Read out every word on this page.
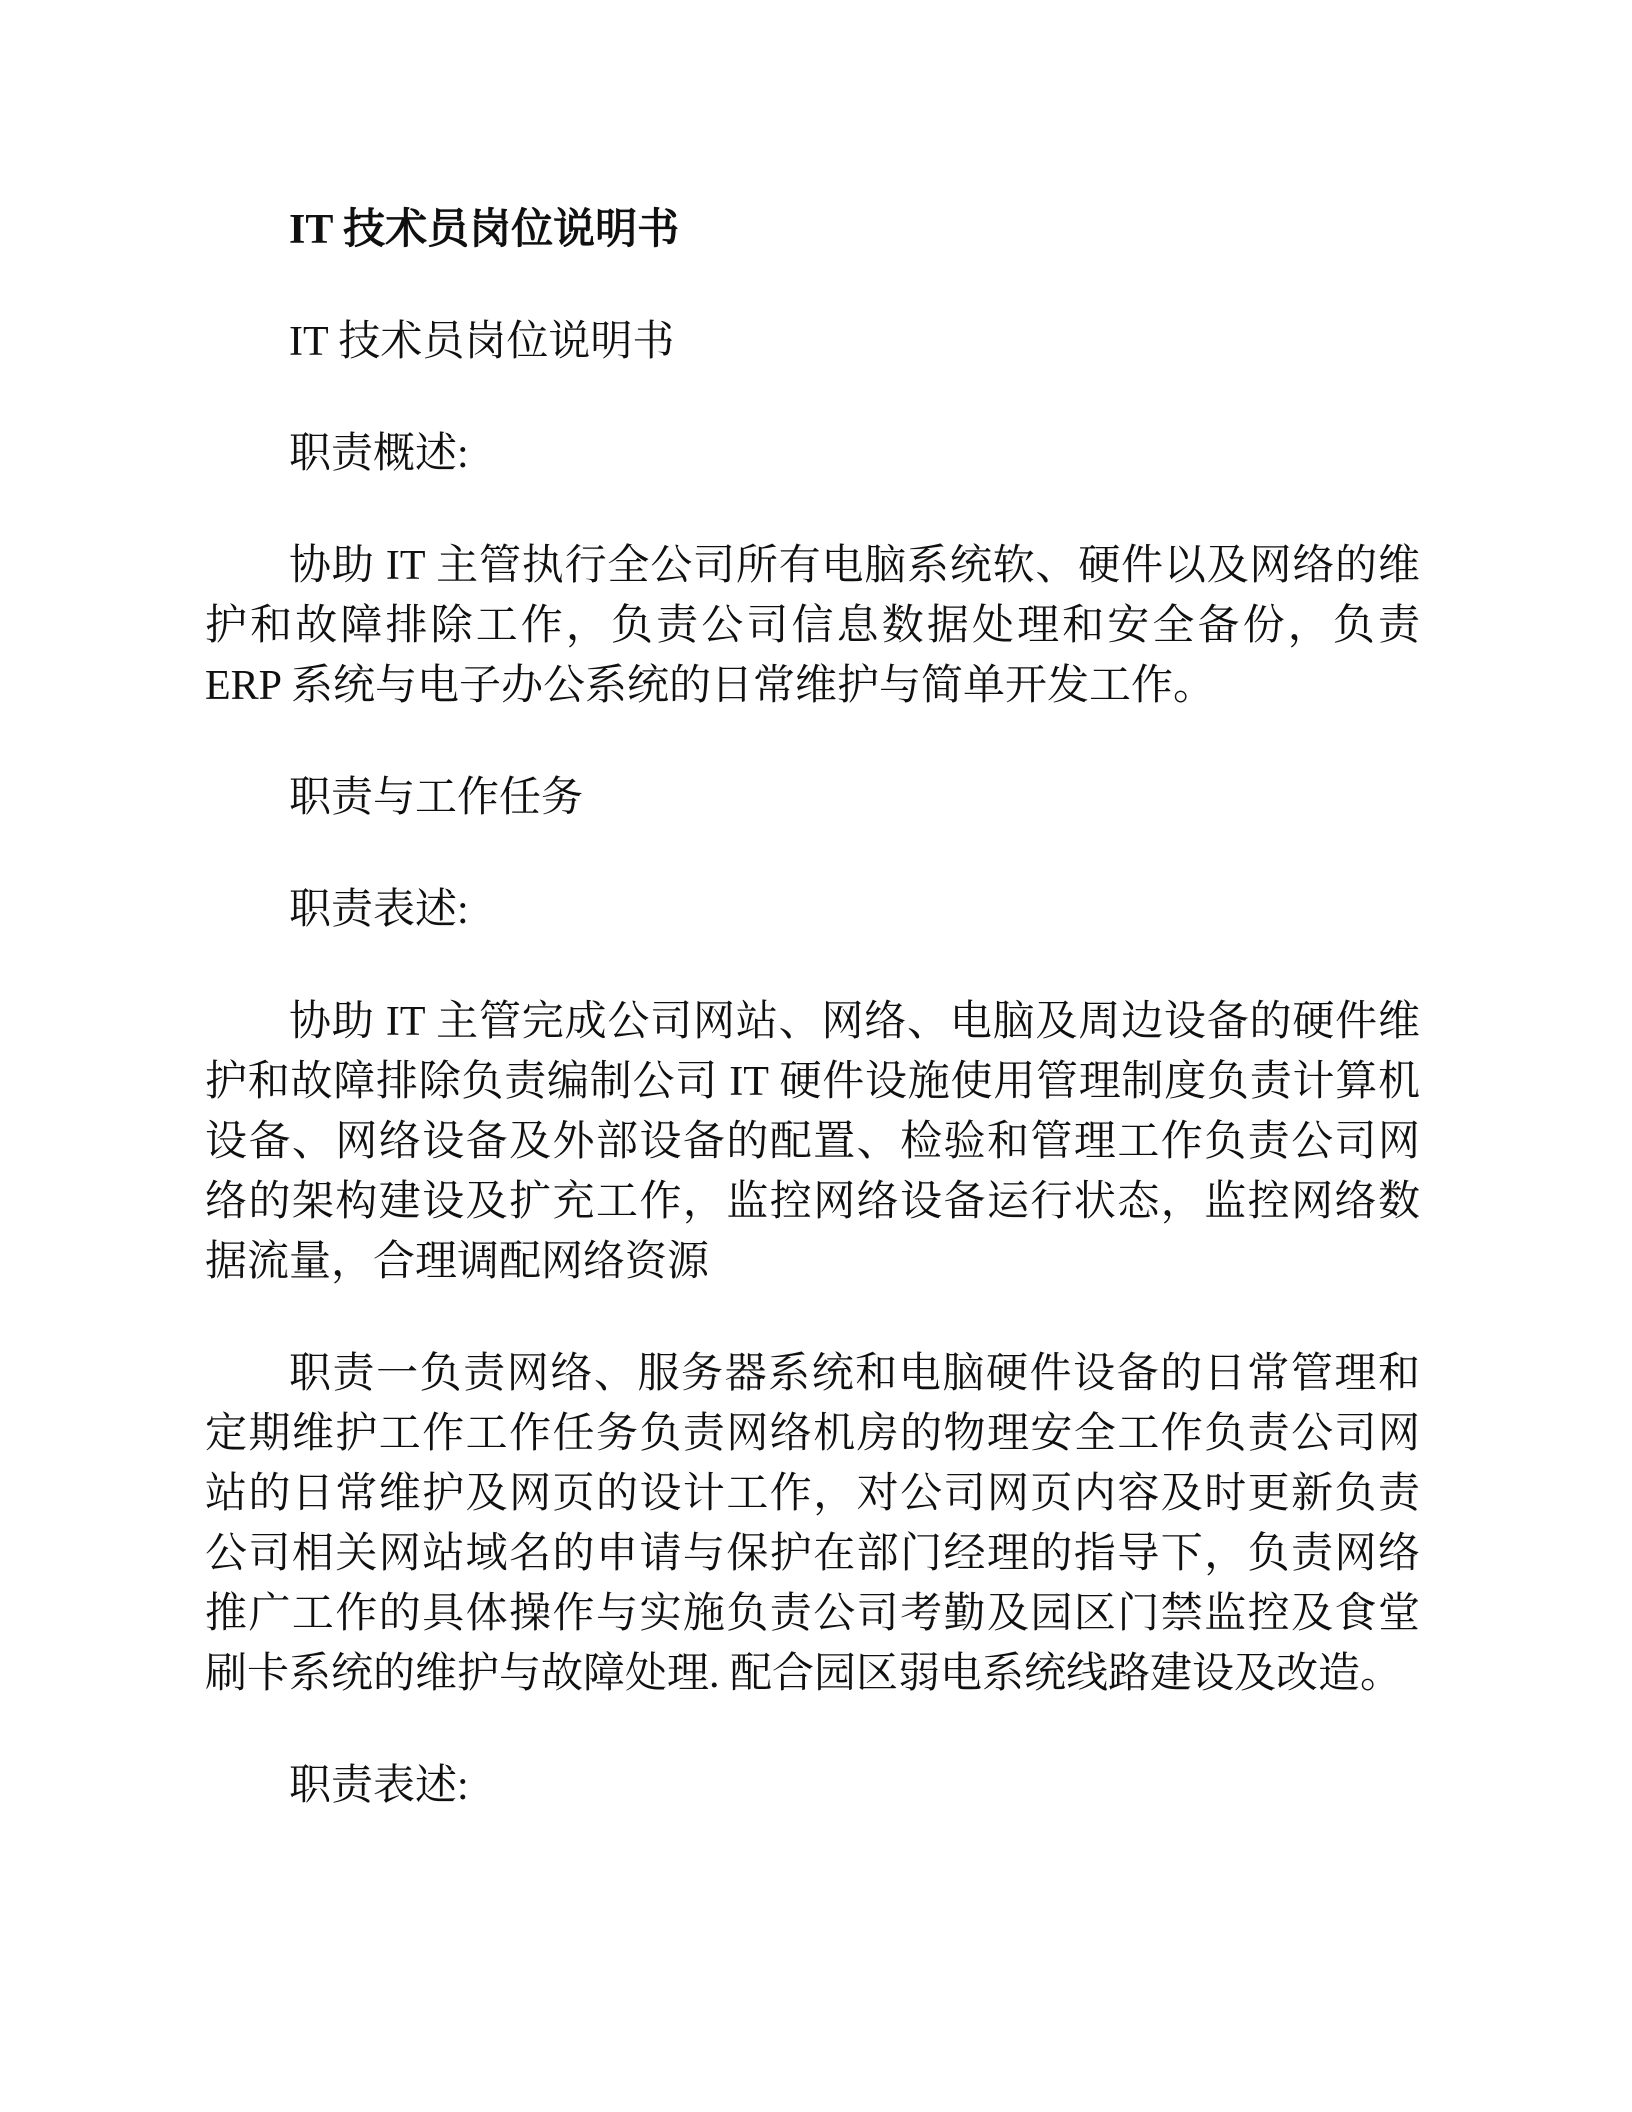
IT 技术员岗位说明书
IT 技术员岗位说明书
职责概述:
协助 IT 主管执行全公司所有电脑系统软、硬件以及网络的维护和故障排除工作，负责公司信息数据处理和安全备份，负责 ERP 系统与电子办公系统的日常维护与简单开发工作。
职责与工作任务
职责表述:
协助 IT 主管完成公司网站、网络、电脑及周边设备的硬件维护和故障排除负责编制公司 IT 硬件设施使用管理制度负责计算机设备、网络设备及外部设备的配置、检验和管理工作负责公司网络的架构建设及扩充工作，监控网络设备运行状态，监控网络数据流量，合理调配网络资源
职责一负责网络、服务器系统和电脑硬件设备的日常管理和定期维护工作工作任务负责网络机房的物理安全工作负责公司网站的日常维护及网页的设计工作，对公司网页内容及时更新负责公司相关网站域名的申请与保护在部门经理的指导下，负责网络推广工作的具体操作与实施负责公司考勤及园区门禁监控及食堂刷卡系统的维护与故障处理. 配合园区弱电系统线路建设及改造。
职责表述:
